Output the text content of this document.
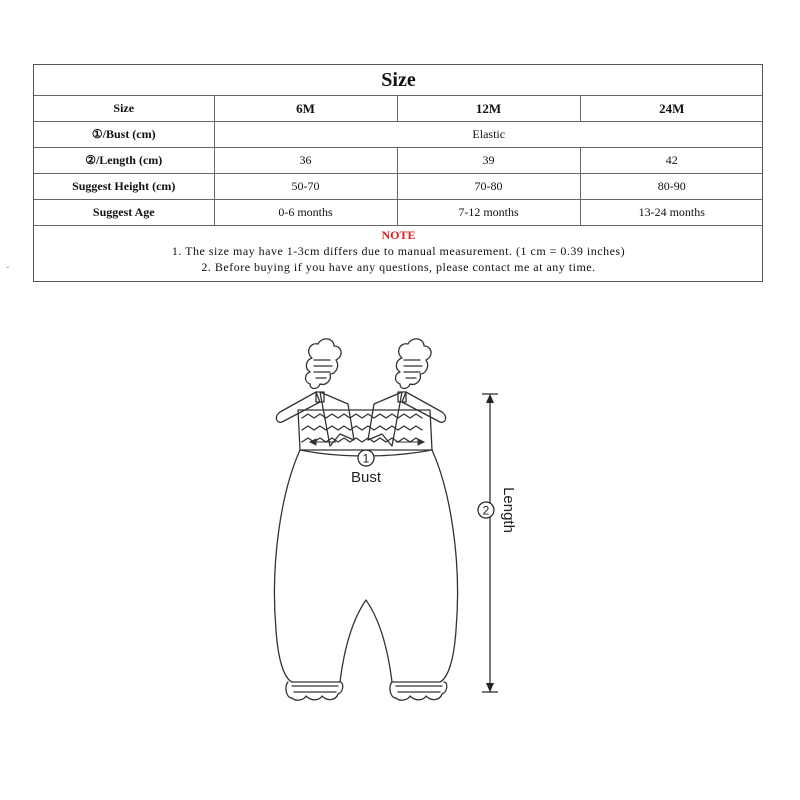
Size			
Size	6M	12M	24M
①/Bust (cm)	Elastic		
②/Length (cm)	36	39	42
Suggest Height (cm)	50-70	70-80	80-90
Suggest Age	0-6 months	7-12 months	13-24 months

NOTE
1. The size may have 1-3cm differs due to manual measurement. (1 cm = 0.39 inches)
2. Before buying if you have any questions, please contact me at any time.			
ˇ
1
Bust
2 Length
